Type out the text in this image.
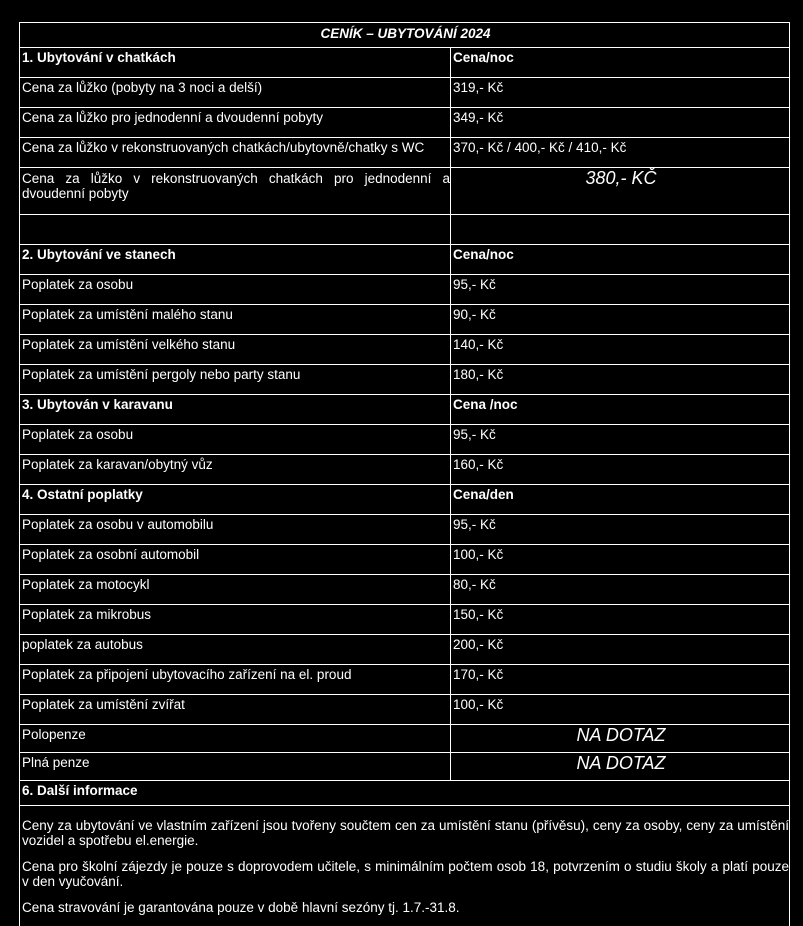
CENÍK – UBYTOVÁNÍ 2024	
1. Ubytování v chatkách	Cena/noc
Cena za lůžko (pobyty na 3 noci a delší)	319,- Kč
Cena za lůžko pro jednodenní a dvoudenní pobyty	349,- Kč
Cena za lůžko v rekonstruovaných chatkách/ubytovně/chatky s WC	370,- Kč / 400,- Kč / 410,- Kč
Cena za lůžko v rekonstruovaných chatkách pro jednodenní a dvoudenní pobyty	380,- KČ

2. Ubytování ve stanech	Cena/noc
Poplatek za osobu	95,- Kč
Poplatek za umístění malého stanu	90,- Kč
Poplatek za umístění velkého stanu	140,- Kč
Poplatek za umístění pergoly nebo party stanu	180,- Kč
3. Ubytován v karavanu	Cena /noc
Poplatek za osobu	95,- Kč
Poplatek za karavan/obytný vůz	160,- Kč
4. Ostatní poplatky	Cena/den
Poplatek za osobu v automobilu	95,- Kč
Poplatek za osobní automobil	100,- Kč
Poplatek za motocykl	80,- Kč
Poplatek za mikrobus	150,- Kč
poplatek za autobus	200,- Kč
Poplatek za připojení ubytovacího zařízení na el. proud	170,- Kč
Poplatek za umístění zvířat	100,- Kč
Polopenze	NA DOTAZ
Plná penze	NA DOTAZ
6. Další informace	

Ceny za ubytování ve vlastním zařízení jsou tvořeny součtem cen za umístění stanu (přívěsu), ceny za osoby, ceny za umístění vozidel a spotřebu el.energie.

Cena pro školní zájezdy je pouze s doprovodem učitele, s minimálním počtem osob 18, potvrzením o studiu školy a platí pouze v den vyučování.

Cena stravování je garantována pouze v době hlavní sezóny tj. 1.7.-31.8.	
